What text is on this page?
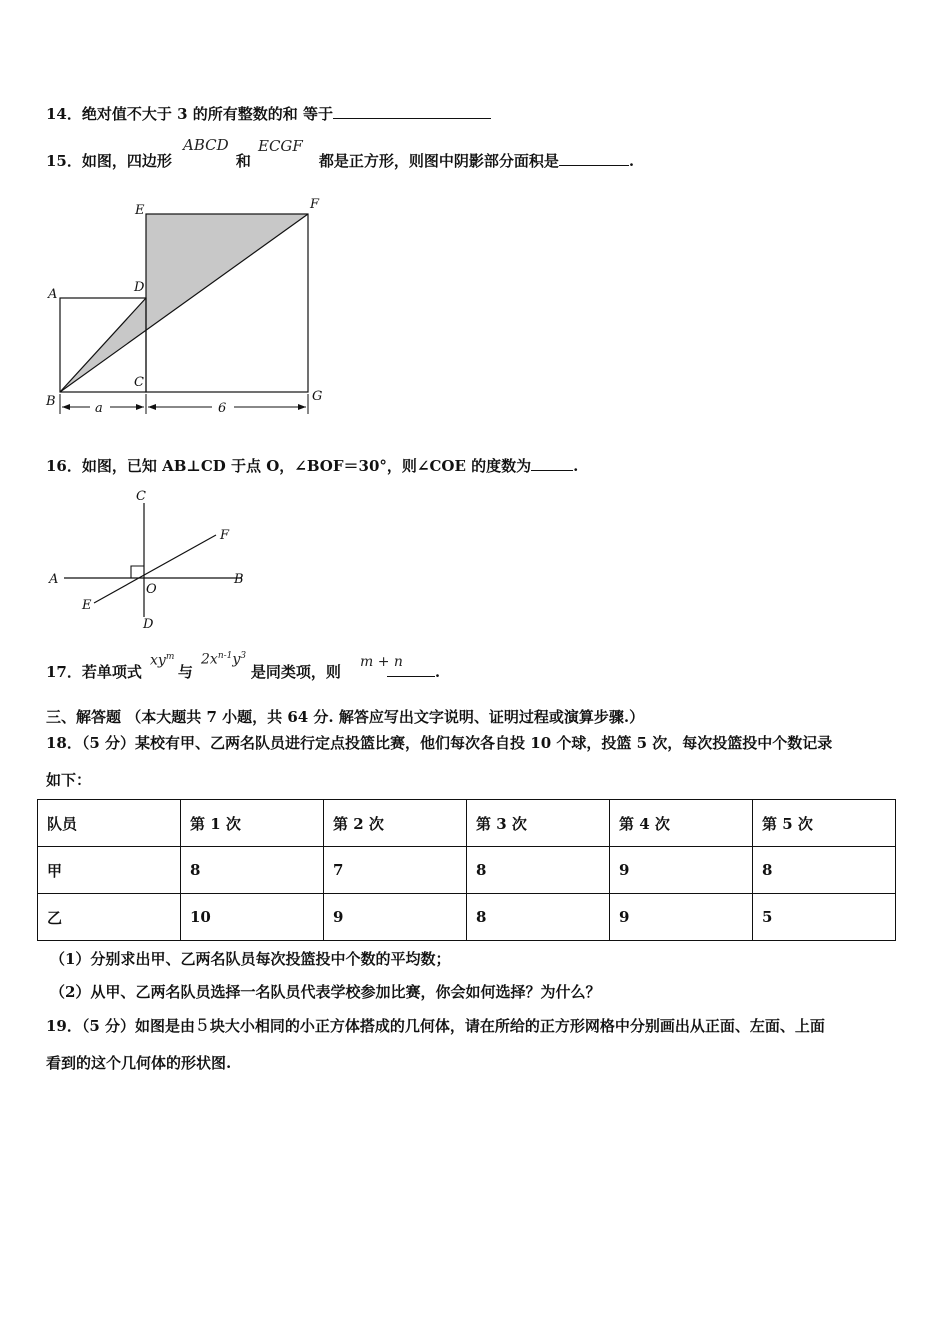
14．绝对值不大于 3 的所有整数的和 等于
15．如图，四边形	和	都是正方形，则图中阴影部分面积是	.
ABCD ECGF
a	6
E	F
A	D
C
B	G
16．如图，已知 AB⊥CD 于点 O，∠BOF＝30°，则∠COE 的度数为	.
C
F
A
O
B
E
D
17．若单项式 与	是同类项，则	.
$xy^m$ $2x^{n-1}y^3$	m + n
三、解答题 （本大题共 7 小题，共 64 分. 解答应写出文字说明、证明过程或演算步骤.）
18．（5 分）某校有甲、乙两名队员进行定点投篮比赛，他们每次各自投 10 个球，投篮 5 次，每次投篮投中个数记录
如下：
队员	第 1 次	第 2 次	第 3 次	第 4 次	第 5 次
甲	8	7	8	9	8
乙	10	9	8	9	5
（1）分别求出甲、乙两名队员每次投篮投中个数的平均数；
（2）从甲、乙两名队员选择一名队员代表学校参加比赛，你会如何选择？为什么？
19．（5 分）如图是由 5 块大小相同的小正方体搭成的几何体，请在所给的正方形网格中分别画出从正面、左面、上面
看到的这个几何体的形状图.
